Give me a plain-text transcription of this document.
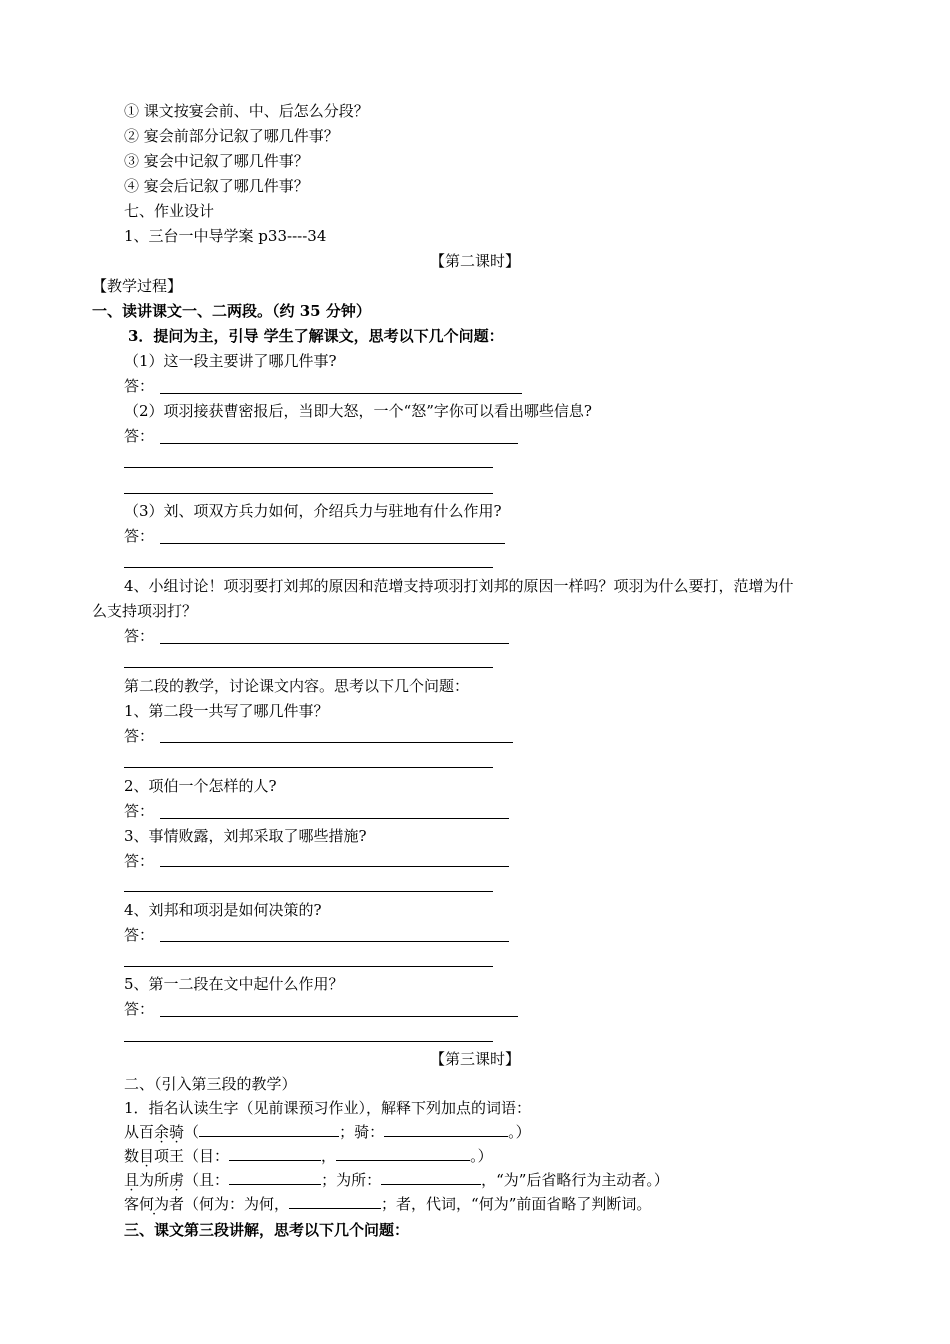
① 课文按宴会前、中、后怎么分段？
② 宴会前部分记叙了哪几件事？
③ 宴会中记叙了哪几件事？
④ 宴会后记叙了哪几件事？
七、作业设计
1、三台一中导学案 p33----34
【第二课时】
【教学过程】
一、读讲课文一、二两段。（约 35 分钟）
3．提问为主，引导 学生了解课文，思考以下几个问题：
（1）这一段主要讲了哪几件事?
答：
（2）项羽接获曹密报后，当即大怒，一个“怒”字你可以看出哪些信息?
答：
（3）刘、项双方兵力如何，介绍兵力与驻地有什么作用?
答：
4、小组讨论！项羽要打刘邦的原因和范增支持项羽打刘邦的原因一样吗？项羽为什么要打，范增为什
么支持项羽打？
答：
第二段的教学，讨论课文内容。思考以下几个问题：
1、第二段一共写了哪几件事？
答：
2、项伯一个怎样的人?
答：
3、事情败露，刘邦采取了哪些措施?
答：
4、刘邦和项羽是如何决策的?
答：
5、第一二段在文中起什么作用？
答：
【第三课时】
二、（引入第三段的教学）
1．指名认读生字（见前课预习作业），解释下列加点的词语：
从百余骑（	；骑：	。）
数目项王（目：	，	。）
且为所虏（且：	；为所：	，“为”后省略行为主动者。）
客何为者（何为：为何，	；者，代词，“何为”前面省略了判断词。
三、课文第三段讲解，思考以下几个问题：
